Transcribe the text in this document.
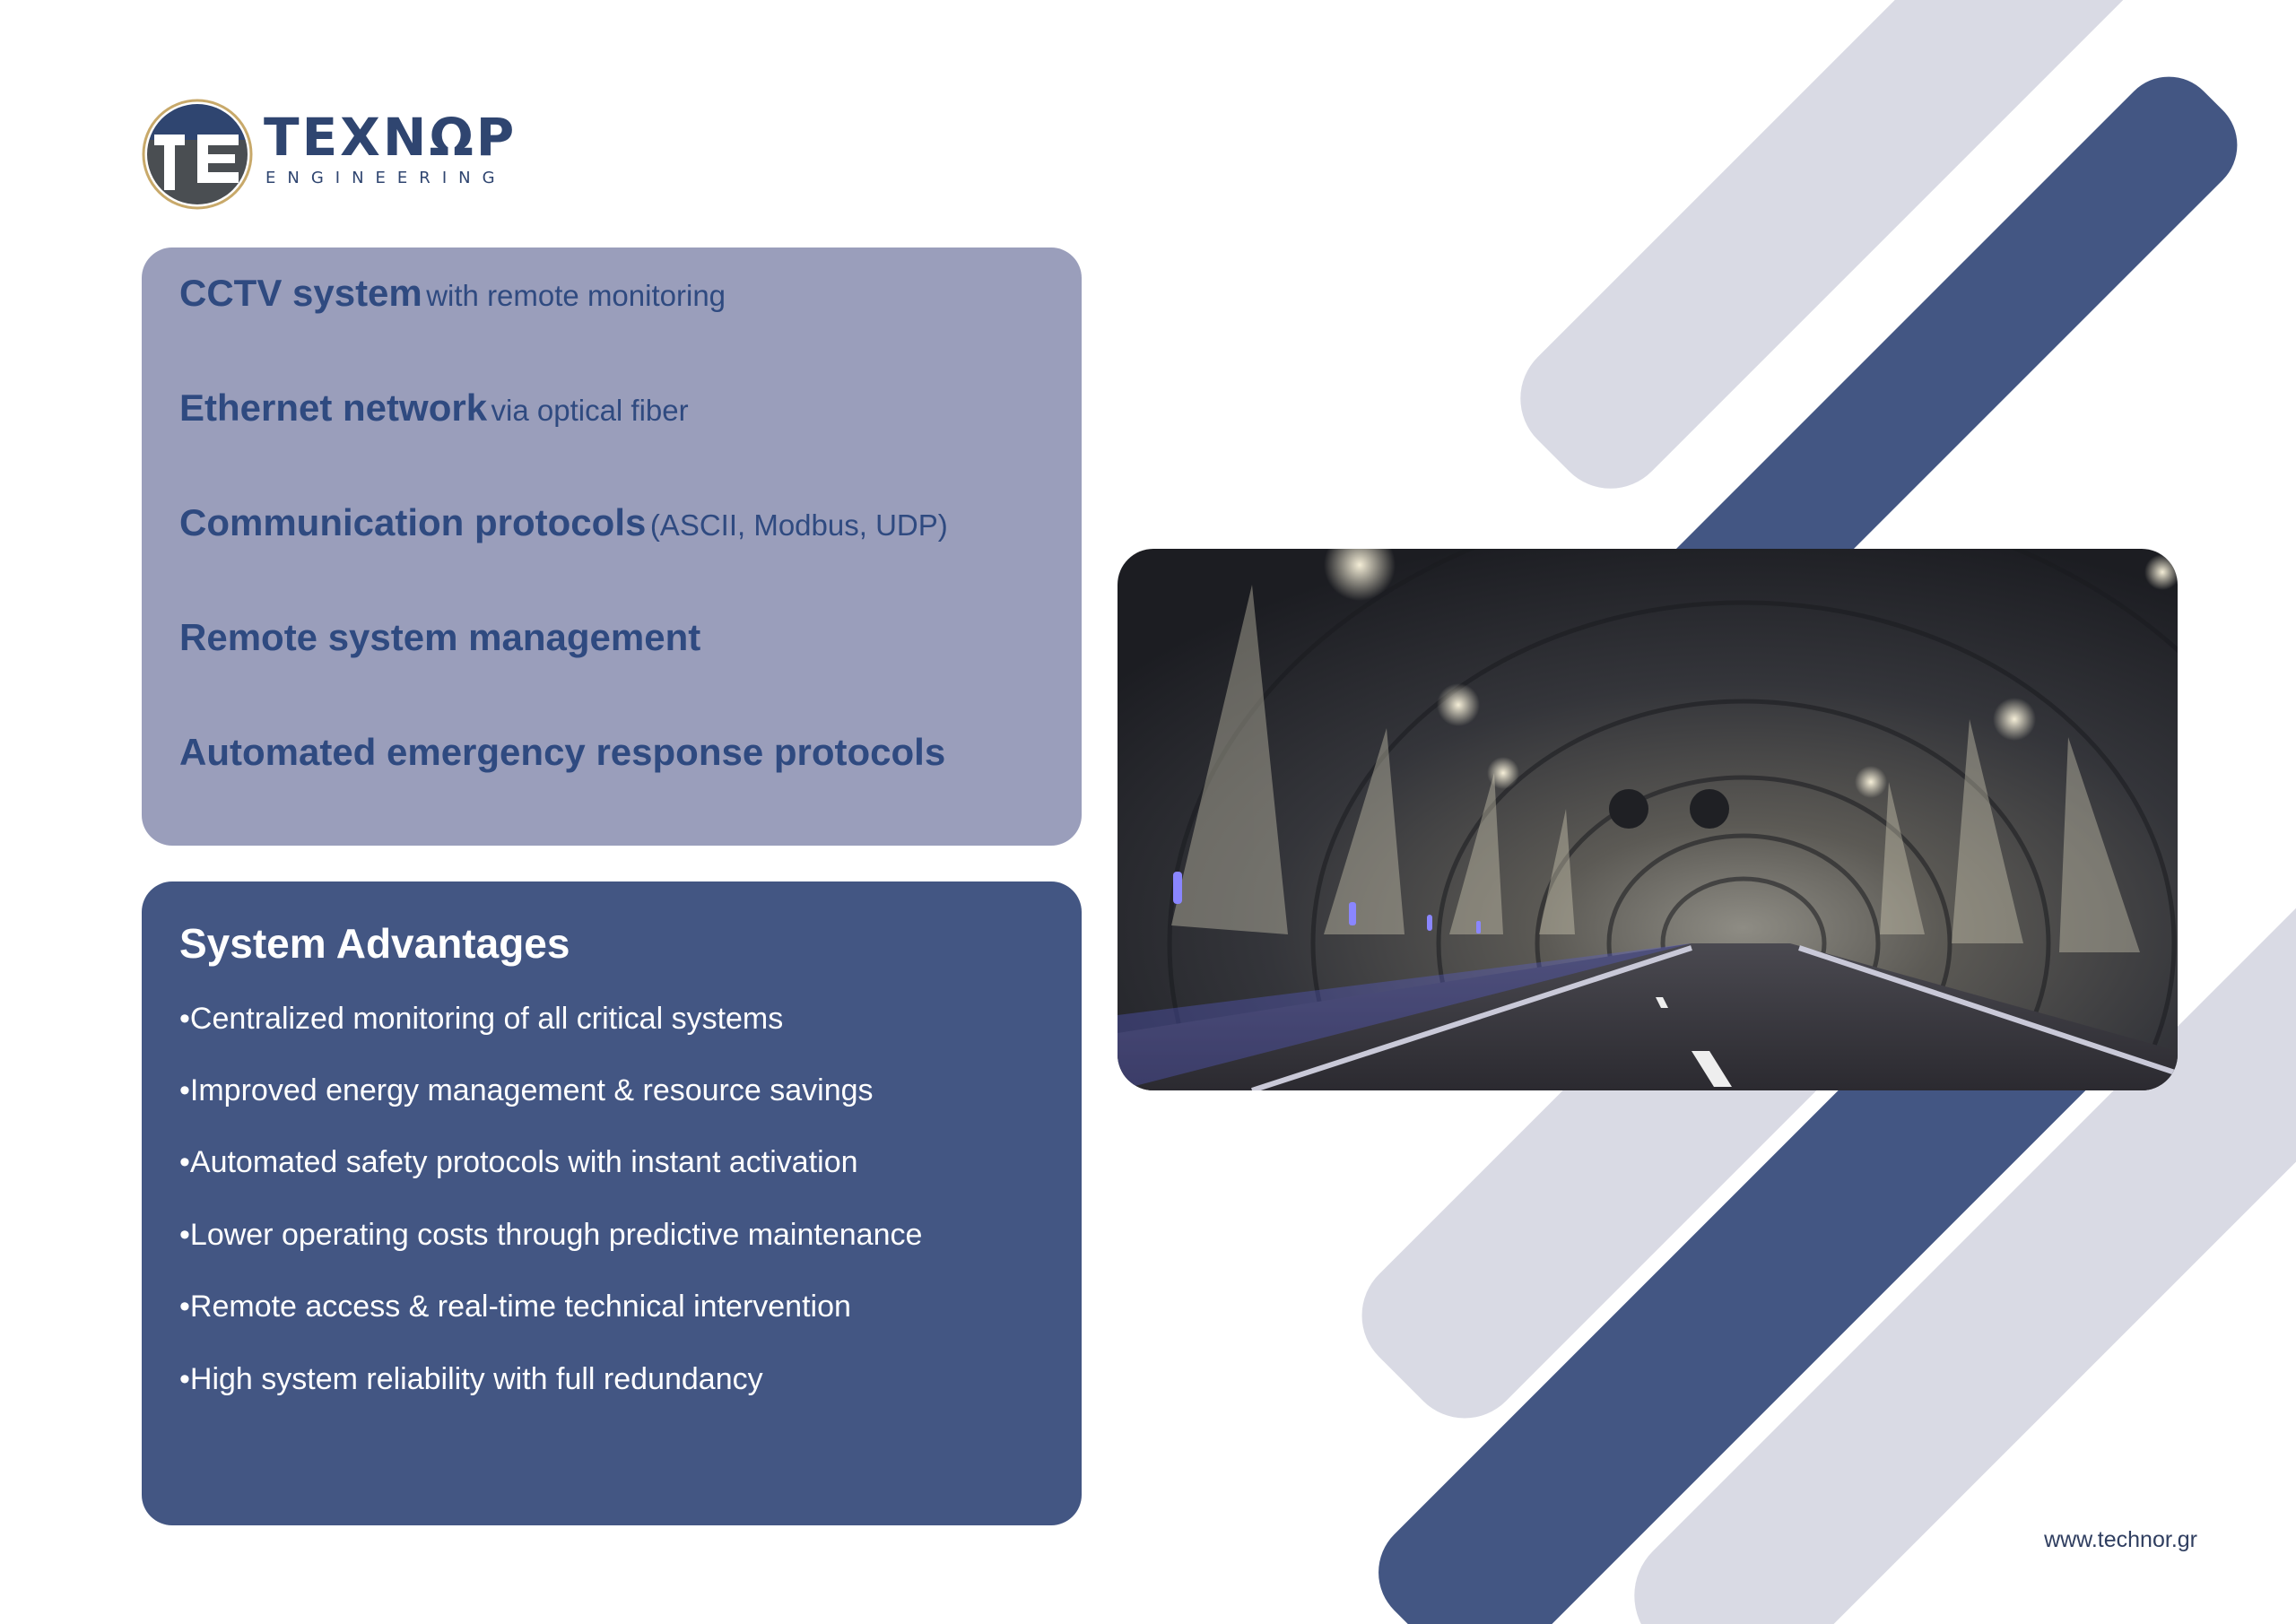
TEXNΩP
ENGINEERING
CCTV system with remote monitoring
Ethernet network via optical fiber
Communication protocols (ASCII, Modbus, UDP)
Remote system management
Automated emergency response protocols
System Advantages
•Centralized monitoring of all critical systems
•Improved energy management & resource savings
•Automated safety protocols with instant activation
•Lower operating costs through predictive maintenance
•Remote access & real-time technical intervention
•High system reliability with full redundancy
www.technor.gr
